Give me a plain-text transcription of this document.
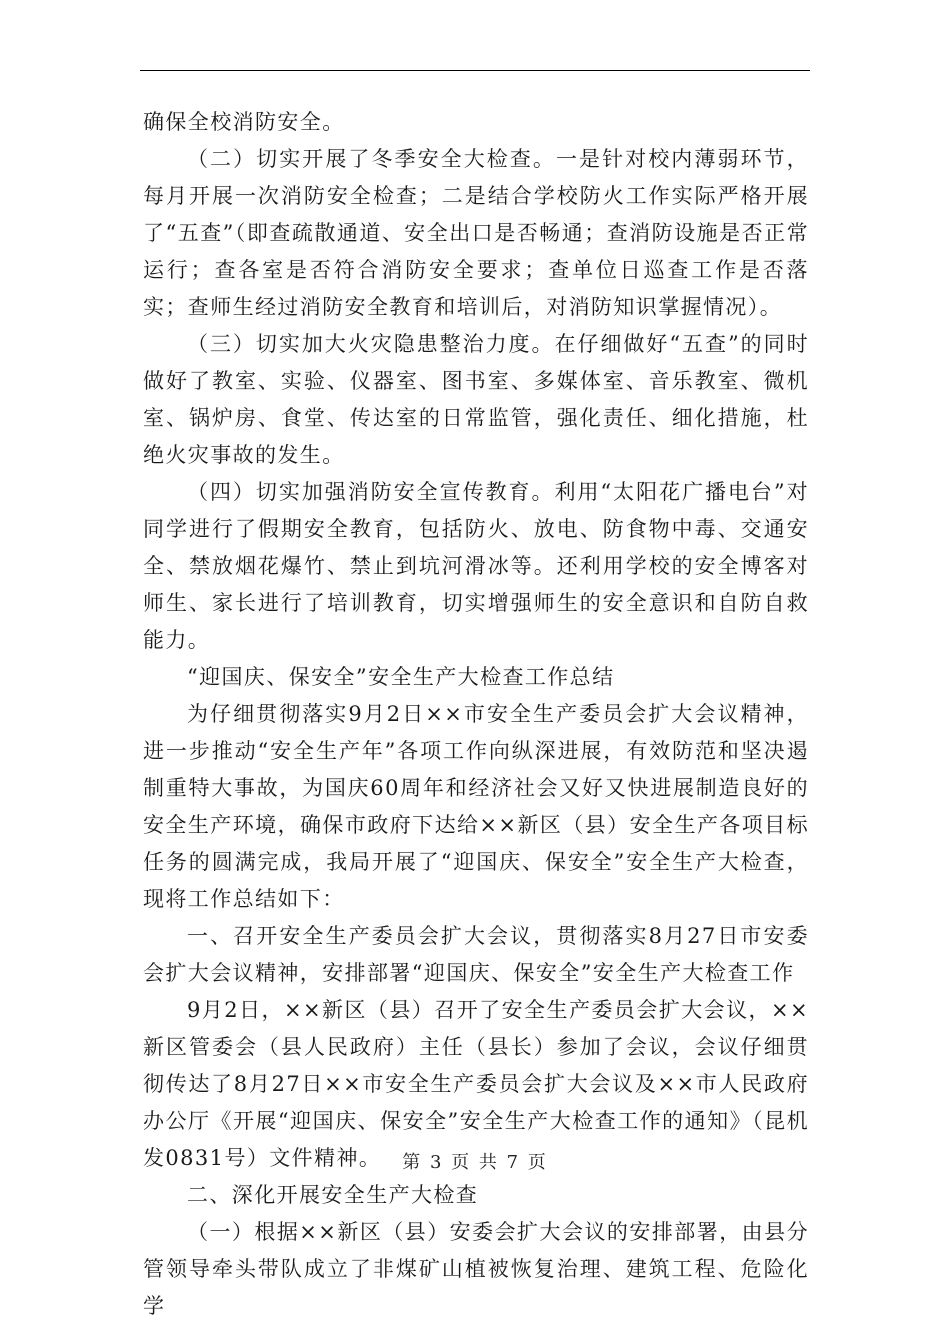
确保全校消防安全。

（二）切实开展了冬季安全大检查。一是针对校内薄弱环节，每月开展一次消防安全检查；二是结合学校防火工作实际严格开展了“五查”（即查疏散通道、安全出口是否畅通；查消防设施是否正常运行；查各室是否符合消防安全要求；查单位日巡查工作是否落实；查师生经过消防安全教育和培训后，对消防知识掌握情况）。

（三）切实加大火灾隐患整治力度。在仔细做好“五查”的同时做好了教室、实验、仪器室、图书室、多媒体室、音乐教室、微机室、锅炉房、食堂、传达室的日常监管，强化责任、细化措施，杜绝火灾事故的发生。

（四）切实加强消防安全宣传教育。利用“太阳花广播电台”对同学进行了假期安全教育，包括防火、放电、防食物中毒、交通安全、禁放烟花爆竹、禁止到坑河滑冰等。还利用学校的安全博客对师生、家长进行了培训教育，切实增强师生的安全意识和自防自救能力。

“迎国庆、保安全”安全生产大检查工作总结

为仔细贯彻落实9月2日××市安全生产委员会扩大会议精神，进一步推动“安全生产年”各项工作向纵深进展，有效防范和坚决遏制重特大事故，为国庆60周年和经济社会又好又快进展制造良好的安全生产环境，确保市政府下达给××新区（县）安全生产各项目标任务的圆满完成，我局开展了“迎国庆、保安全”安全生产大检查，现将工作总结如下：

一、召开安全生产委员会扩大会议，贯彻落实8月27日市安委会扩大会议精神，安排部署“迎国庆、保安全”安全生产大检查工作

9月2日，××新区（县）召开了安全生产委员会扩大会议，××新区管委会（县人民政府）主任（县长）参加了会议，会议仔细贯彻传达了8月27日××市安全生产委员会扩大会议及××市人民政府办公厅《开展“迎国庆、保安全”安全生产大检查工作的通知》（昆机发0831号）文件精神。

二、深化开展安全生产大检查

（一）根据××新区（县）安委会扩大会议的安排部署，由县分管领导牵头带队成立了非煤矿山植被恢复治理、建筑工程、危险化学

第 3 页 共 7 页
